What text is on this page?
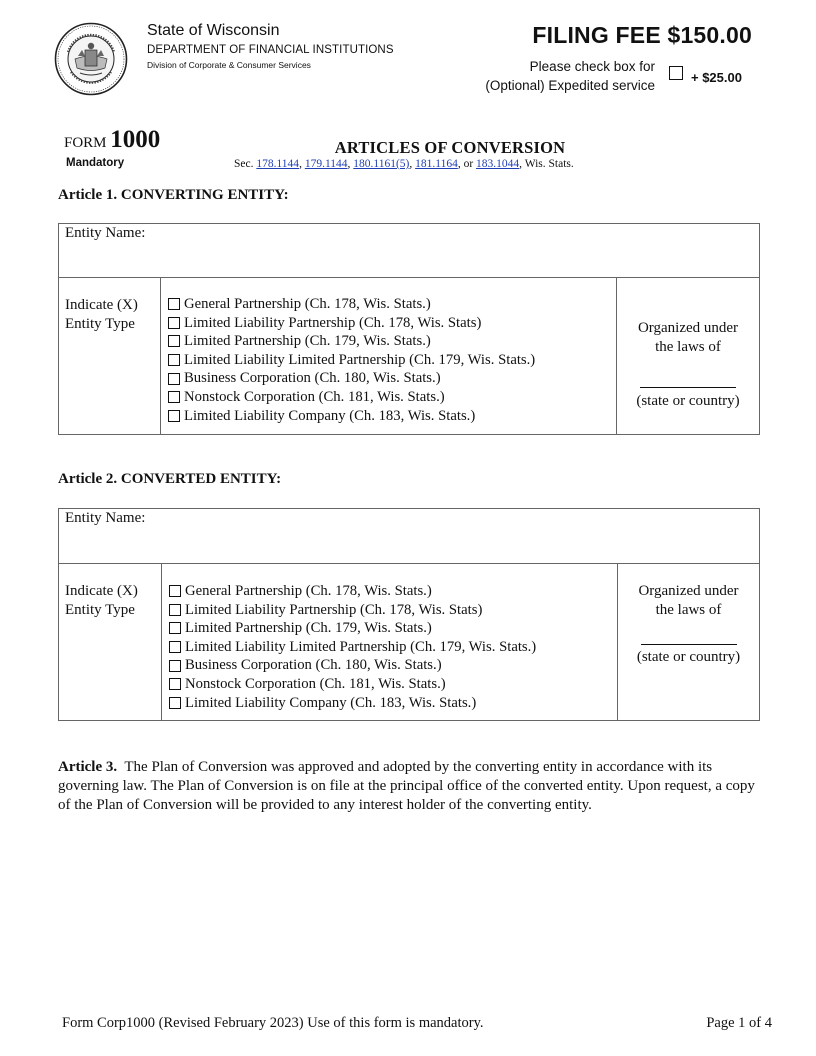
State of Wisconsin
DEPARTMENT OF FINANCIAL INSTITUTIONS
Division of Corporate & Consumer Services
FILING FEE $150.00
Please check box for
(Optional) Expedited service
+ $25.00
FORM 1000
Mandatory
ARTICLES OF CONVERSION
Sec. 178.1144, 179.1144, 180.1161(5), 181.1164, or 183.1044, Wis. Stats.
Article 1. CONVERTING ENTITY:
Entity Name:
Indicate (X)
Entity Type
General Partnership (Ch. 178, Wis. Stats.)
Limited Liability Partnership (Ch. 178, Wis. Stats)
Limited Partnership (Ch. 179, Wis. Stats.)
Limited Liability Limited Partnership (Ch. 179, Wis. Stats.)
Business Corporation (Ch. 180, Wis. Stats.)
Nonstock Corporation (Ch. 181, Wis. Stats.)
Limited Liability Company (Ch. 183, Wis. Stats.)
Organized under
the laws of
(state or country)
Article 2. CONVERTED ENTITY:
Entity Name:
Indicate (X)
Entity Type
General Partnership (Ch. 178, Wis. Stats.)
Limited Liability Partnership (Ch. 178, Wis. Stats)
Limited Partnership (Ch. 179, Wis. Stats.)
Limited Liability Limited Partnership (Ch. 179, Wis. Stats.)
Business Corporation (Ch. 180, Wis. Stats.)
Nonstock Corporation (Ch. 181, Wis. Stats.)
Limited Liability Company (Ch. 183, Wis. Stats.)
Organized under
the laws of
(state or country)
Article 3. The Plan of Conversion was approved and adopted by the converting entity in accordance with its governing law. The Plan of Conversion is on file at the principal office of the converted entity. Upon request, a copy of the Plan of Conversion will be provided to any interest holder of the converting entity.
Form Corp1000 (Revised February 2023) Use of this form is mandatory.	Page 1 of 4
